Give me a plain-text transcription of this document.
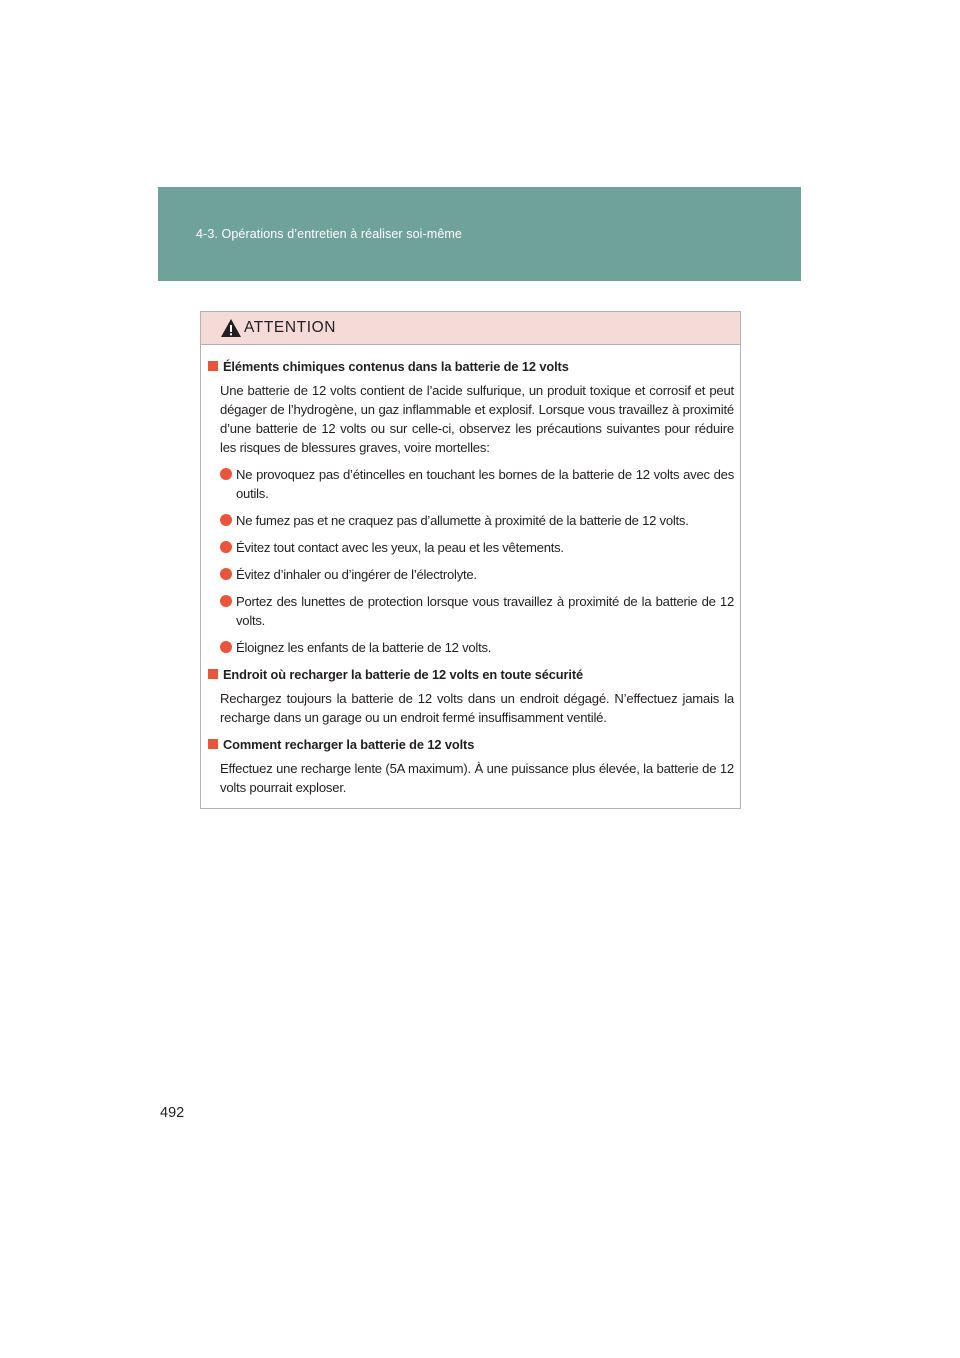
4-3. Opérations d’entretien à réaliser soi-même
ATTENTION
Éléments chimiques contenus dans la batterie de 12 volts

Une batterie de 12 volts contient de l’acide sulfurique, un produit toxique et corrosif et peut dégager de l’hydrogène, un gaz inflammable et explosif. Lorsque vous travaillez à proximité d’une batterie de 12 volts ou sur celle-ci, observez les précautions suivantes pour réduire les risques de blessures graves, voire mortelles:

Ne provoquez pas d’étincelles en touchant les bornes de la batterie de 12 volts avec des outils.
Ne fumez pas et ne craquez pas d’allumette à proximité de la batterie de 12 volts.
Évitez tout contact avec les yeux, la peau et les vêtements.
Évitez d’inhaler ou d’ingérer de l’électrolyte.
Portez des lunettes de protection lorsque vous travaillez à proximité de la batterie de 12 volts.
Éloignez les enfants de la batterie de 12 volts.
Endroit où recharger la batterie de 12 volts en toute sécurité

Rechargez toujours la batterie de 12 volts dans un endroit dégagé. N’effectuez jamais la recharge dans un garage ou un endroit fermé insuffisamment ventilé.

Comment recharger la batterie de 12 volts

Effectuez une recharge lente (5A maximum). À une puissance plus élevée, la batterie de 12 volts pourrait exploser.

492
